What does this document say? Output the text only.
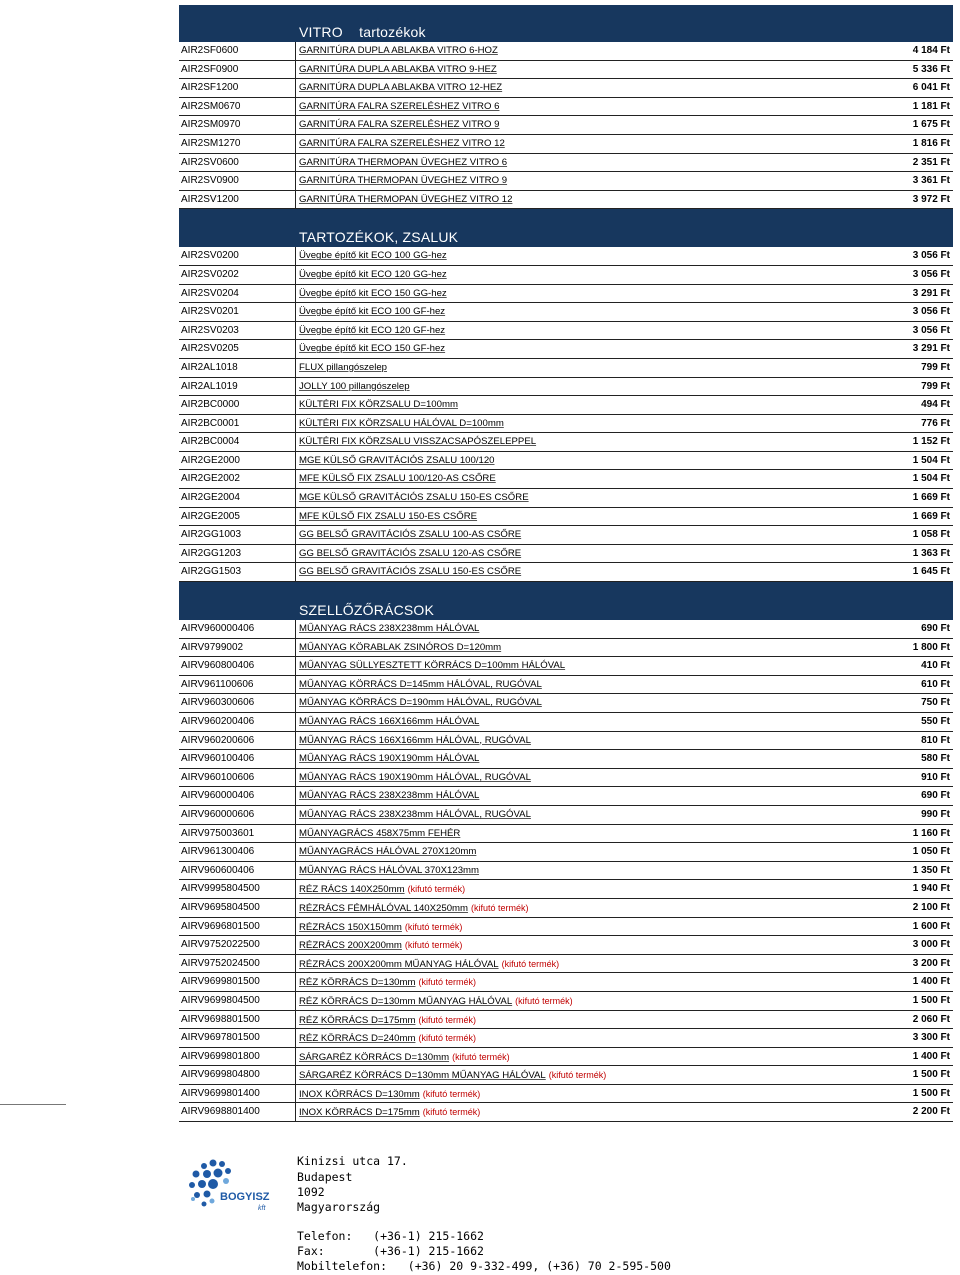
VITRO    tartozékok
AIR2SF0600	GARNITÚRA DUPLA ABLAKBA VITRO 6-HOZ	4 184 Ft
AIR2SF0900	GARNITÚRA DUPLA ABLAKBA VITRO 9-HEZ	5 336 Ft
AIR2SF1200	GARNITÚRA DUPLA ABLAKBA VITRO 12-HEZ	6 041 Ft
AIR2SM0670	GARNITÚRA FALRA SZERELÉSHEZ VITRO 6	1 181 Ft
AIR2SM0970	GARNITÚRA FALRA SZERELÉSHEZ VITRO 9	1 675 Ft
AIR2SM1270	GARNITÚRA FALRA SZERELÉSHEZ VITRO 12	1 816 Ft
AIR2SV0600	GARNITÚRA THERMOPAN ÜVEGHEZ VITRO 6	2 351 Ft
AIR2SV0900	GARNITÚRA THERMOPAN ÜVEGHEZ VITRO 9	3 361 Ft
AIR2SV1200	GARNITÚRA THERMOPAN ÜVEGHEZ VITRO 12	3 972 Ft
TARTOZÉKOK, ZSALUK
AIR2SV0200	Üvegbe építő kit ECO 100 GG-hez	3 056 Ft
AIR2SV0202	Üvegbe építő kit ECO 120 GG-hez	3 056 Ft
AIR2SV0204	Üvegbe építő kit ECO 150 GG-hez	3 291 Ft
AIR2SV0201	Üvegbe építő kit ECO 100 GF-hez	3 056 Ft
AIR2SV0203	Üvegbe építő kit ECO 120 GF-hez	3 056 Ft
AIR2SV0205	Üvegbe építő kit ECO 150 GF-hez	3 291 Ft
AIR2AL1018	FLUX pillangószelep	799 Ft
AIR2AL1019	JOLLY 100 pillangószelep	799 Ft
AIR2BC0000	KÜLTÉRI FIX KÖRZSALU D=100mm	494 Ft
AIR2BC0001	KÜLTÉRI FIX KÖRZSALU HÁLÓVAL D=100mm	776 Ft
AIR2BC0004	KÜLTÉRI FIX KÖRZSALU VISSZACSAPÓSZELEPPEL	1 152 Ft
AIR2GE2000	MGE KÜLSŐ GRAVITÁCIÓS ZSALU 100/120	1 504 Ft
AIR2GE2002	MFE KÜLSŐ FIX ZSALU 100/120-AS CSŐRE	1 504 Ft
AIR2GE2004	MGE KÜLSŐ GRAVITÁCIÓS ZSALU 150-ES CSŐRE	1 669 Ft
AIR2GE2005	MFE KÜLSŐ FIX ZSALU 150-ES CSŐRE	1 669 Ft
AIR2GG1003	GG BELSŐ GRAVITÁCIÓS ZSALU 100-AS CSŐRE	1 058 Ft
AIR2GG1203	GG BELSŐ GRAVITÁCIÓS ZSALU 120-AS CSŐRE	1 363 Ft
AIR2GG1503	GG BELSŐ GRAVITÁCIÓS ZSALU 150-ES CSŐRE	1 645 Ft
SZELLŐZŐRÁCSOK
AIRV960000406	MŰANYAG RÁCS 238X238mm HÁLÓVAL	690 Ft
AIRV9799002	MŰANYAG KÖRABLAK ZSINÓROS D=120mm	1 800 Ft
AIRV960800406	MŰANYAG SÜLLYESZTETT KÖRRÁCS D=100mm HÁLÓVAL	410 Ft
AIRV961100606	MŰANYAG KÖRRÁCS D=145mm HÁLÓVAL, RUGÓVAL	610 Ft
AIRV960300606	MŰANYAG KÖRRÁCS D=190mm HÁLÓVAL, RUGÓVAL	750 Ft
AIRV960200406	MŰANYAG RÁCS 166X166mm HÁLÓVAL	550 Ft
AIRV960200606	MŰANYAG RÁCS 166X166mm HÁLÓVAL, RUGÓVAL	810 Ft
AIRV960100406	MŰANYAG RÁCS 190X190mm HÁLÓVAL	580 Ft
AIRV960100606	MŰANYAG RÁCS 190X190mm HÁLÓVAL, RUGÓVAL	910 Ft
AIRV960000406	MŰANYAG RÁCS 238X238mm HÁLÓVAL	690 Ft
AIRV960000606	MŰANYAG RÁCS 238X238mm HÁLÓVAL, RUGÓVAL	990 Ft
AIRV975003601	MŰANYAGRÁCS 458X75mm FEHÉR	1 160 Ft
AIRV961300406	MŰANYAGRÁCS HÁLÓVAL 270X120mm	1 050 Ft
AIRV960600406	MŰANYAG RÁCS HÁLÓVAL 370X123mm	1 350 Ft
AIRV9995804500	RÉZ RÁCS 140X250mm (kifutó termék)	1 940 Ft
AIRV9695804500	RÉZRÁCS FÉMHÁLÓVAL 140X250mm (kifutó termék)	2 100 Ft
AIRV9696801500	RÉZRÁCS 150X150mm (kifutó termék)	1 600 Ft
AIRV9752022500	RÉZRÁCS 200X200mm (kifutó termék)	3 000 Ft
AIRV9752024500	RÉZRÁCS 200X200mm MŰANYAG HÁLÓVAL (kifutó termék)	3 200 Ft
AIRV9699801500	RÉZ KÖRRÁCS D=130mm (kifutó termék)	1 400 Ft
AIRV9699804500	RÉZ KÖRRÁCS D=130mm MŰANYAG HÁLÓVAL (kifutó termék)	1 500 Ft
AIRV9698801500	RÉZ KÖRRÁCS D=175mm (kifutó termék)	2 060 Ft
AIRV9697801500	RÉZ KÖRRÁCS D=240mm (kifutó termék)	3 300 Ft
AIRV9699801800	SÁRGARÉZ KÖRRÁCS D=130mm (kifutó termék)	1 400 Ft
AIRV9699804800	SÁRGARÉZ KÖRRÁCS D=130mm MŰANYAG HÁLÓVAL (kifutó termék)	1 500 Ft
AIRV9699801400	INOX KÖRRÁCS D=130mm (kifutó termék)	1 500 Ft
AIRV9698801400	INOX KÖRRÁCS D=175mm (kifutó termék)	2 200 Ft
BOGYISZ
kft
Kinizsi utca 17.
Budapest
1092
Magyarország
Telefon:   (+36-1) 215-1662
Fax:       (+36-1) 215-1662
Mobiltelefon:   (+36) 20 9-332-499, (+36) 70 2-595-500
